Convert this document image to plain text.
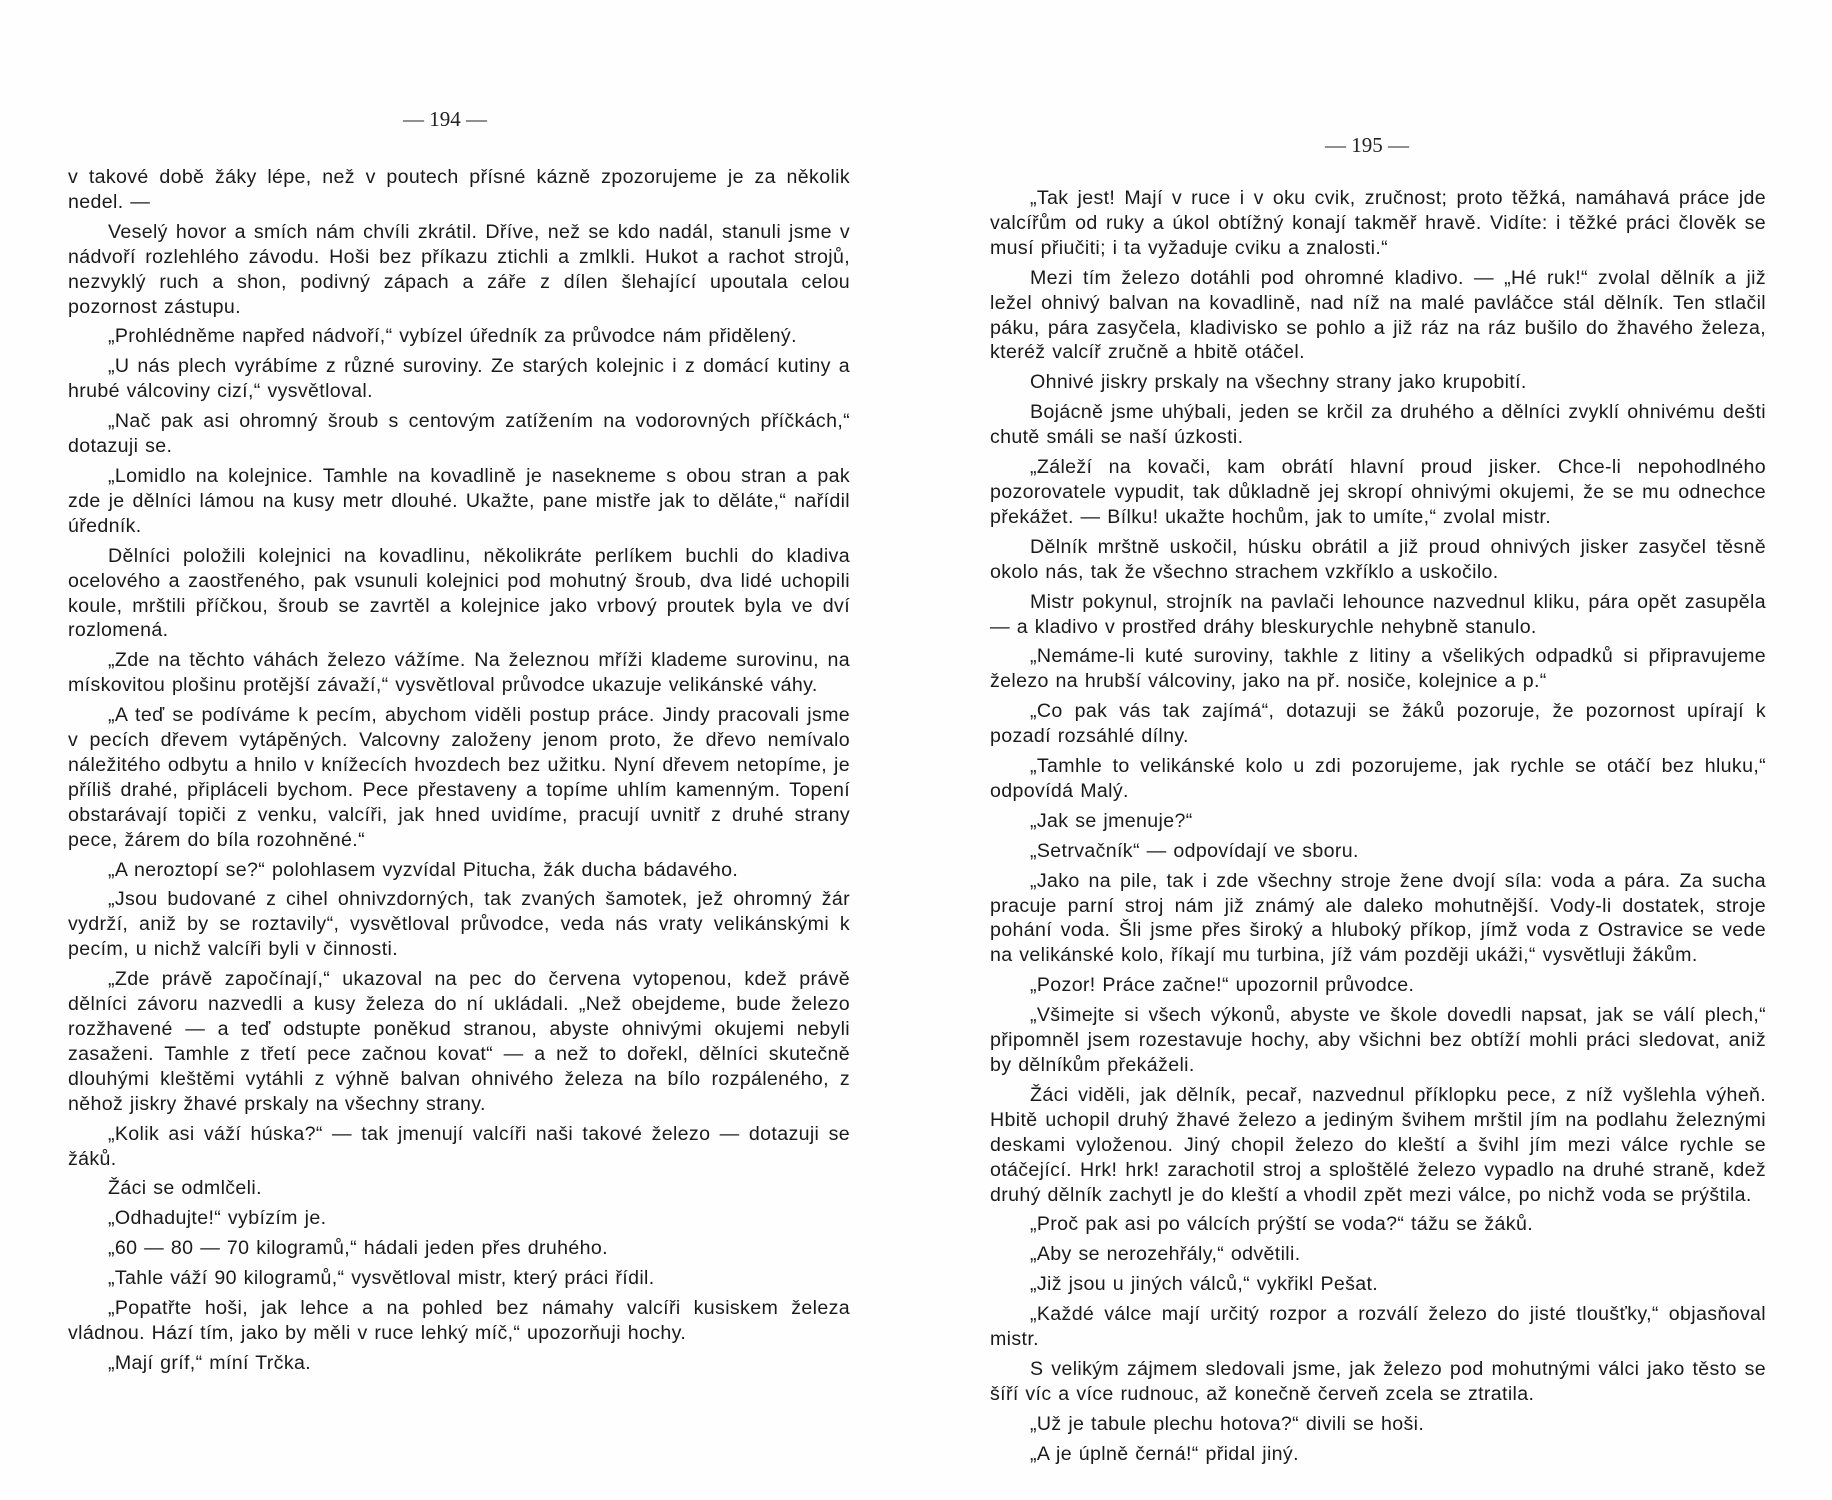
— 194 —

v takové době žáky lépe, než v poutech přísné kázně zpozorujeme je za několik nedel. —

Veselý hovor a smích nám chvíli zkrátil. Dříve, než se kdo nadál, stanuli jsme v nádvoří rozlehlého závodu. Hoši bez příkazu ztichli a zmlkli. Hukot a rachot strojů, nezvyklý ruch a shon, podivný zápach a záře z dílen šlehající upoutala celou pozornost zástupu.

„Prohlédněme napřed nádvoří,“ vybízel úředník za průvodce nám přidělený.

„U nás plech vyrábíme z různé suroviny. Ze starých kolejnic i z domácí kutiny a hrubé válcoviny cizí,“ vysvětloval.

„Nač pak asi ohromný šroub s centovým zatížením na vodorovných příčkách,“ dotazuji se.

„Lomidlo na kolejnice. Tamhle na kovadlině je nasekneme s obou stran a pak zde je dělníci lámou na kusy metr dlouhé. Ukažte, pane mistře jak to děláte,“ nařídil úředník.

Dělníci položili kolejnici na kovadlinu, několikráte perlíkem buchli do kladiva ocelového a zaostřeného, pak vsunuli kolejnici pod mohutný šroub, dva lidé uchopili koule, mrštili příčkou, šroub se zavrtěl a kolejnice jako vrbový proutek byla ve dví rozlomená.

„Zde na těchto váhách železo vážíme. Na železnou mříži klademe surovinu, na mískovitou plošinu protější závaží,“ vysvětloval průvodce ukazuje velikánské váhy.

„A teď se podíváme k pecím, abychom viděli postup práce. Jindy pracovali jsme v pecích dřevem vytápěných. Valcovny založeny jenom proto, že dřevo nemívalo náležitého odbytu a hnilo v knížecích hvozdech bez užitku. Nyní dřevem netopíme, je příliš drahé, připláceli bychom. Pece přestaveny a topíme uhlím kamenným. Topení obstarávají topiči z venku, valcíři, jak hned uvidíme, pracují uvnitř z druhé strany pece, žárem do bíla rozohněné.“

„A neroztopí se?“ polohlasem vyzvídal Pitucha, žák ducha bádavého.

„Jsou budované z cihel ohnivzdorných, tak zvaných šamotek, jež ohromný žár vydrží, aniž by se roztavily“, vysvětloval průvodce, veda nás vraty velikánskými k pecím, u nichž valcíři byli v činnosti.

„Zde právě započínají,“ ukazoval na pec do červena vytopenou, kdež právě dělníci závoru nazvedli a kusy železa do ní ukládali. „Než obejdeme, bude železo rozžhavené — a teď odstupte poněkud stranou, abyste ohnivými okujemi nebyli zasaženi. Tamhle z třetí pece začnou kovat“ — a než to dořekl, dělníci skutečně dlouhými kleštěmi vytáhli z výhně balvan ohnivého železa na bílo rozpáleného, z něhož jiskry žhavé prskaly na všechny strany.

„Kolik asi váží húska?“ — tak jmenují valcíři naši takové železo — dotazuji se žáků.

Žáci se odmlčeli.

„Odhadujte!“ vybízím je.

„60 — 80 — 70 kilogramů,“ hádali jeden přes druhého.

„Tahle váží 90 kilogramů,“ vysvětloval mistr, který práci řídil.

„Popatřte hoši, jak lehce a na pohled bez námahy valcíři kusiskem železa vládnou. Hází tím, jako by měli v ruce lehký míč,“ upozorňuji hochy.

„Mají gríf,“ míní Trčka.

— 195 —

„Tak jest! Mají v ruce i v oku cvik, zručnost; proto těžká, namáhavá práce jde valcířům od ruky a úkol obtížný konají takměř hravě. Vidíte: i těžké práci člověk se musí přiučiti; i ta vyžaduje cviku a znalosti.“

Mezi tím železo dotáhli pod ohromné kladivo. — „Hé ruk!“ zvolal dělník a již ležel ohnivý balvan na kovadlině, nad níž na malé pavláčce stál dělník. Ten stlačil páku, pára zasyčela, kladivisko se pohlo a již ráz na ráz bušilo do žhavého železa, kteréž valcíř zručně a hbitě otáčel.

Ohnivé jiskry prskaly na všechny strany jako krupobití.

Bojácně jsme uhýbali, jeden se krčil za druhého a dělníci zvyklí ohnivému dešti chutě smáli se naší úzkosti.

„Záleží na kovači, kam obrátí hlavní proud jisker. Chce-li nepohodlného pozorovatele vypudit, tak důkladně jej skropí ohnivými okujemi, že se mu odnechce překážet. — Bílku! ukažte hochům, jak to umíte,“ zvolal mistr.

Dělník mrštně uskočil, húsku obrátil a již proud ohnivých jisker zasyčel těsně okolo nás, tak že všechno strachem vzkříklo a uskočilo.

Mistr pokynul, strojník na pavlači lehounce nazvednul kliku, pára opět zasupěla — a kladivo v prostřed dráhy bleskurychle nehybně stanulo.

„Nemáme-li kuté suroviny, takhle z litiny a všelikých odpadků si připravujeme železo na hrubší válcoviny, jako na př. nosiče, kolejnice a p.“

„Co pak vás tak zajímá“, dotazuji se žáků pozoruje, že pozornost upírají k pozadí rozsáhlé dílny.

„Tamhle to velikánské kolo u zdi pozorujeme, jak rychle se otáčí bez hluku,“ odpovídá Malý.

„Jak se jmenuje?“

„Setrvačník“ — odpovídají ve sboru.

„Jako na pile, tak i zde všechny stroje žene dvojí síla: voda a pára. Za sucha pracuje parní stroj nám již známý ale daleko mohutnější. Vody-li dostatek, stroje pohání voda. Šli jsme přes široký a hluboký příkop, jímž voda z Ostravice se vede na velikánské kolo, říkají mu turbina, jíž vám později ukáži,“ vysvětluji žákům.

„Pozor! Práce začne!“ upozornil průvodce.

„Všimejte si všech výkonů, abyste ve škole dovedli napsat, jak se válí plech,“ připomněl jsem rozestavuje hochy, aby všichni bez obtíží mohli práci sledovat, aniž by dělníkům překáželi.

Žáci viděli, jak dělník, pecař, nazvednul příklopku pece, z níž vyšlehla výheň. Hbitě uchopil druhý žhavé železo a jediným švihem mrštil jím na podlahu železnými deskami vyloženou. Jiný chopil železo do kleští a švihl jím mezi válce rychle se otáčející. Hrk! hrk! zarachotil stroj a sploštělé železo vypadlo na druhé straně, kdež druhý dělník zachytl je do kleští a vhodil zpět mezi válce, po nichž voda se prýštila.

„Proč pak asi po válcích prýští se voda?“ tážu se žáků.

„Aby se nerozehřály,“ odvětili.

„Již jsou u jiných válců,“ vykřikl Pešat.

„Každé válce mají určitý rozpor a rozválí železo do jisté tloušťky,“ objasňoval mistr.

S velikým zájmem sledovali jsme, jak železo pod mohutnými válci jako těsto se šíří víc a více rudnouc, až konečně červeň zcela se ztratila.

„Už je tabule plechu hotova?“ divili se hoši.

„A je úplně černá!“ přidal jiný.
